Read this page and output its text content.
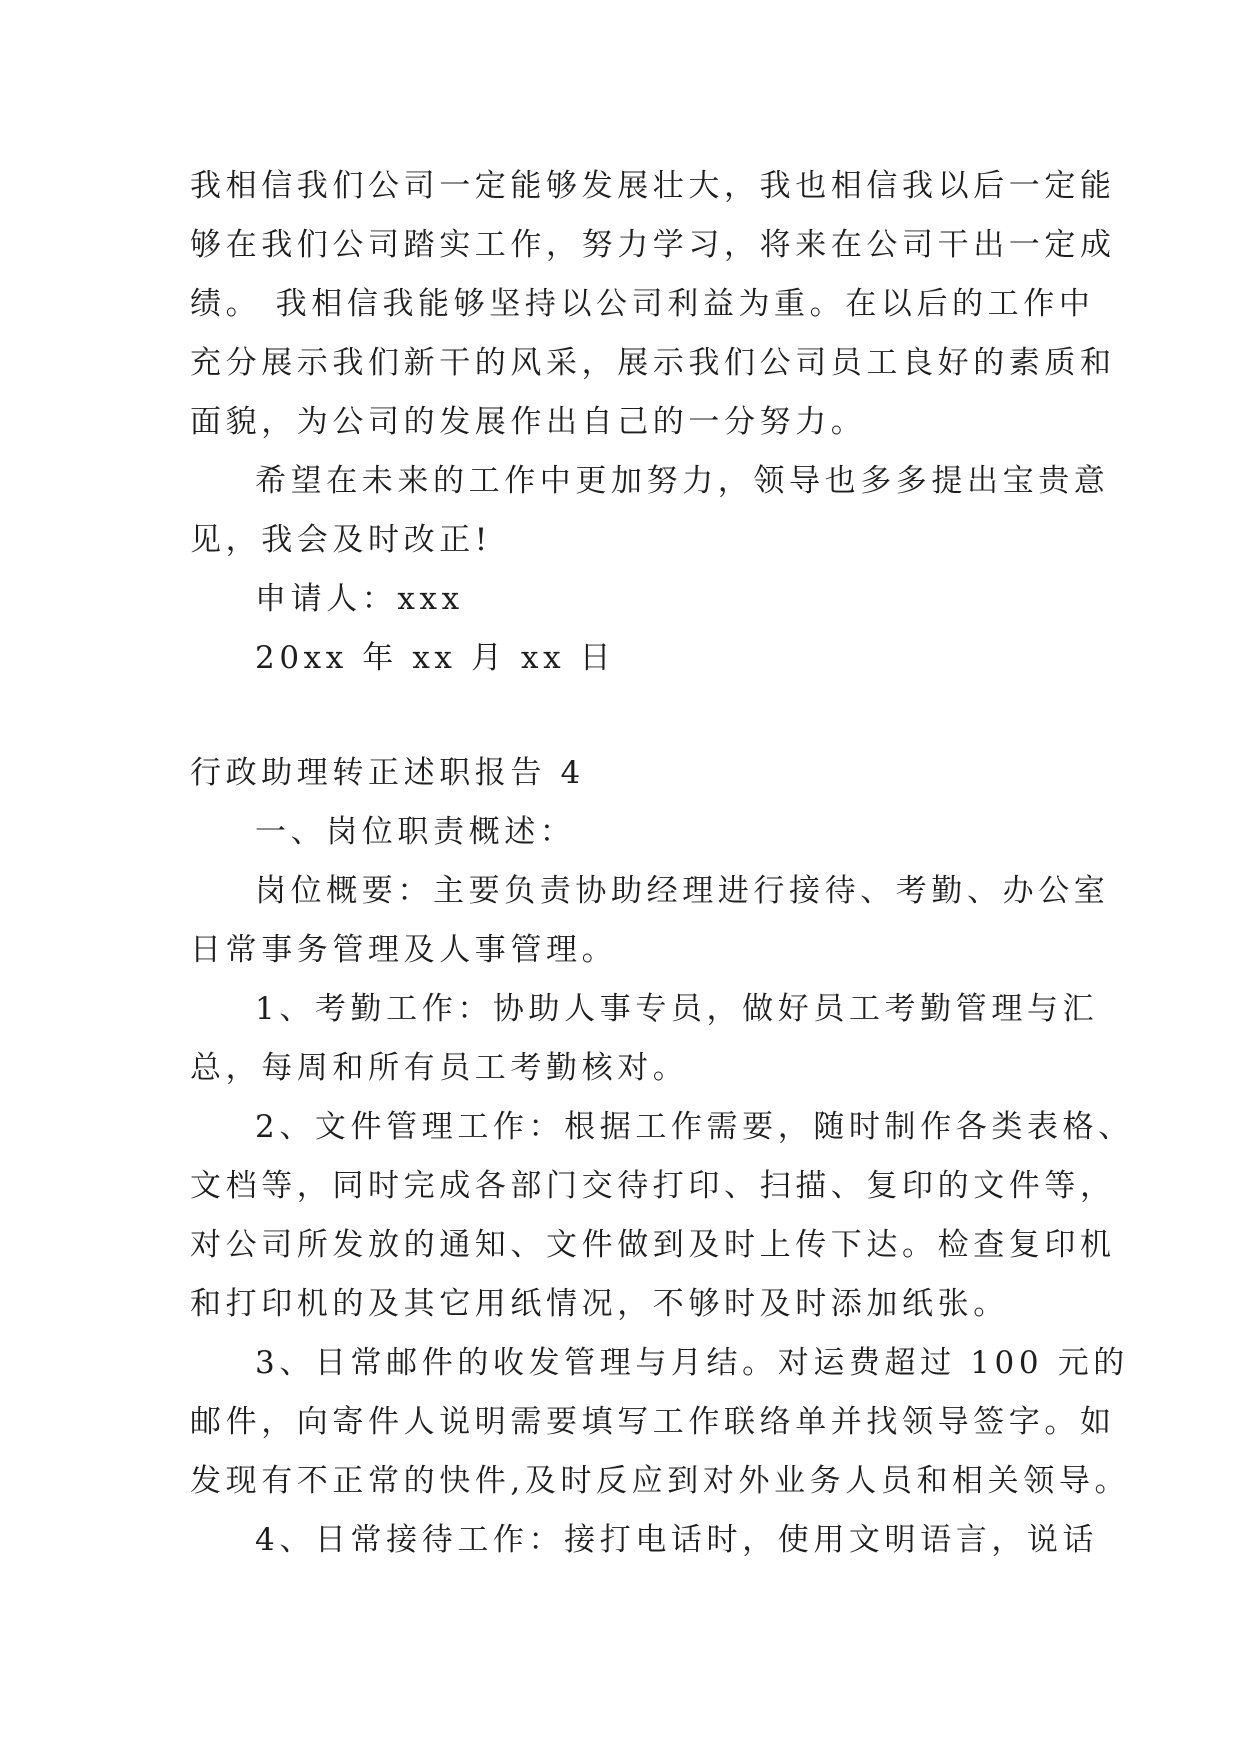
我相信我们公司一定能够发展壮大，我也相信我以后一定能
够在我们公司踏实工作，努力学习，将来在公司干出一定成
绩。 我相信我能够坚持以公司利益为重。在以后的工作中
充分展示我们新干的风采，展示我们公司员工良好的素质和
面貌，为公司的发展作出自己的一分努力。
希望在未来的工作中更加努力，领导也多多提出宝贵意
见，我会及时改正!
申请人：xxx
20xx 年 xx 月 xx 日
行政助理转正述职报告 4
一、岗位职责概述：
岗位概要：主要负责协助经理进行接待、考勤、办公室
日常事务管理及人事管理。
1、考勤工作：协助人事专员，做好员工考勤管理与汇
总，每周和所有员工考勤核对。
2、文件管理工作：根据工作需要，随时制作各类表格、
文档等，同时完成各部门交待打印、扫描、复印的文件等，
对公司所发放的通知、文件做到及时上传下达。检查复印机
和打印机的及其它用纸情况，不够时及时添加纸张。
3、日常邮件的收发管理与月结。对运费超过 100 元的
邮件，向寄件人说明需要填写工作联络单并找领导签字。如
发现有不正常的快件,及时反应到对外业务人员和相关领导。
4、日常接待工作：接打电话时，使用文明语言，说话
